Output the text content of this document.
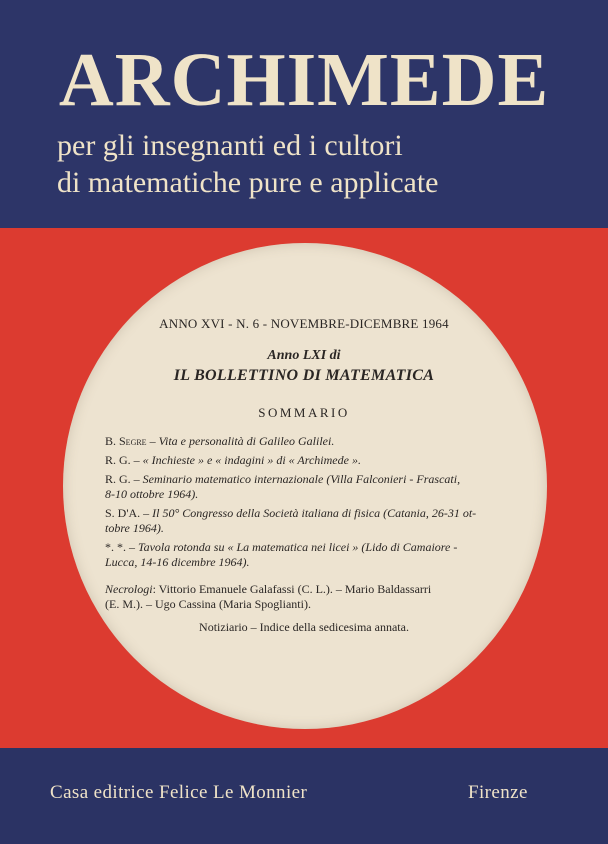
ARCHIMEDE
per gli insegnanti ed i cultori
di matematiche pure e applicate
ANNO XVI - N. 6 - NOVEMBRE-DICEMBRE 1964
Anno LXI di
IL BOLLETTINO DI MATEMATICA
SOMMARIO
B. Segre – Vita e personalità di Galileo Galilei.
R. G. – « Inchieste » e « indagini » di « Archimede ».
R. G. – Seminario matematico internazionale (Villa Falconieri - Frascati,
8-10 ottobre 1964).
S. D'A. – Il 50° Congresso della Società italiana di fisica (Catania, 26-31 ot-
tobre 1964).
*. *. – Tavola rotonda su « La matematica nei licei » (Lido di Camaiore -
Lucca, 14-16 dicembre 1964).
Necrologi: Vittorio Emanuele Galafassi (C. L.). – Mario Baldassarri
(E. M.). – Ugo Cassina (Maria Spoglianti).
Notiziario – Indice della sedicesima annata.
Casa editrice Felice Le Monnier	Firenze
